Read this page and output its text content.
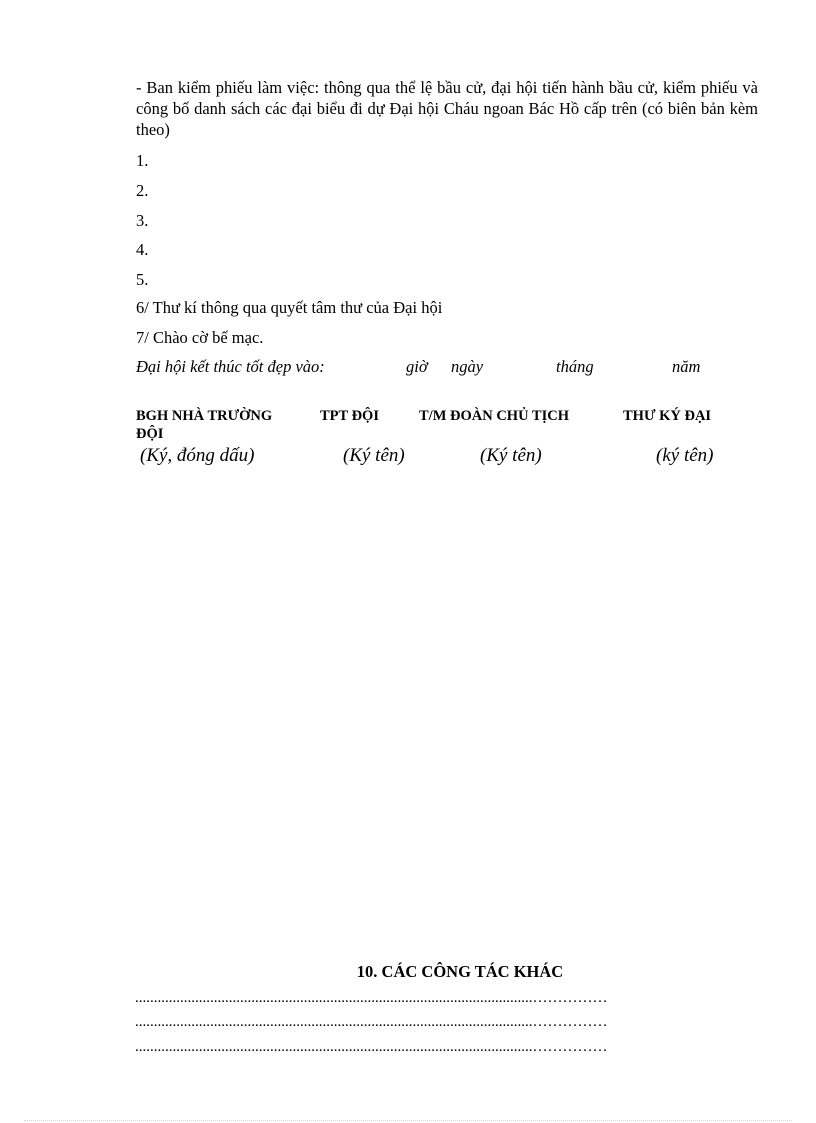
- Ban kiểm phiếu làm việc: thông qua thể lệ bầu cử, đại hội tiến hành bầu cử, kiểm phiếu và công bố danh sách các đại biểu đi dự Đại hội Cháu ngoan Bác Hồ cấp trên (có biên bản kèm theo)
1.
2.
3.
4.
5.
6/ Thư kí thông qua quyết tâm thư của Đại hội
7/ Chào cờ bế mạc.
Đại hội kết thúc tốt đẹp vào:	giờ ngày	tháng	năm
BGH NHÀ TRƯỜNG	TPT ĐỘI	T/M ĐOÀN CHỦ TỊCH	THƯ KÝ ĐẠI
ĐỘI
(Ký, đóng dấu)	(Ký tên)	(Ký tên)	(ký tên)
10. CÁC CÔNG TÁC KHÁC
..........................................................................................................……………
..........................................................................................................……………
..........................................................................................................……………
